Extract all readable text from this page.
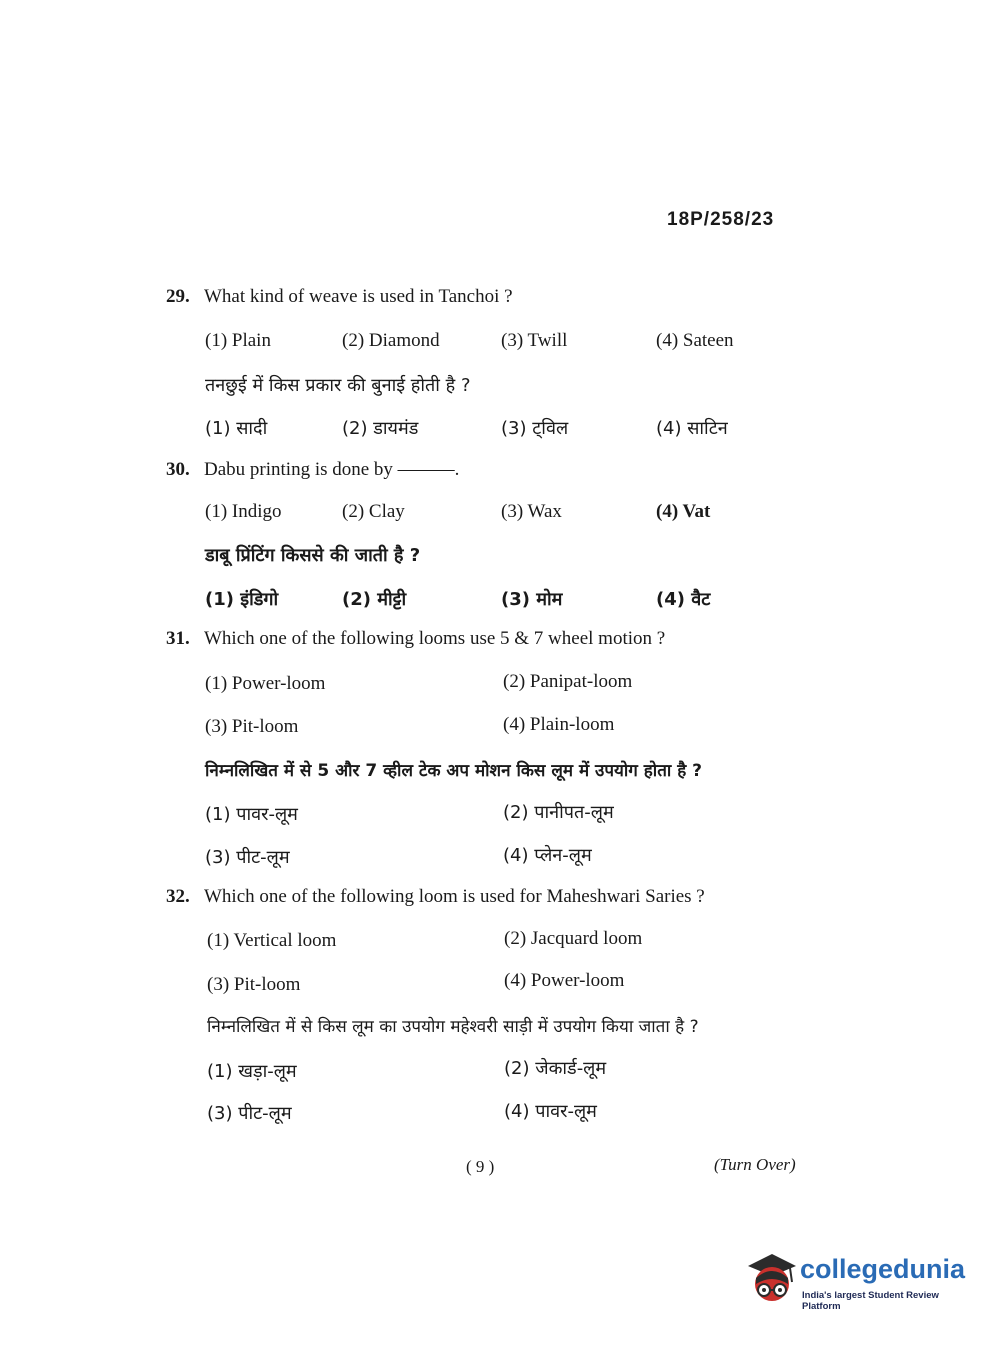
18P/258/23
29. What kind of weave is used in Tanchoi ?
(1) Plain	(2) Diamond	(3) Twill	(4) Sateen
तनछुई में किस प्रकार की बुनाई होती है ?
(1) सादी	(2) डायमंड	(3) ट्विल	(4) साटिन
30. Dabu printing is done by ———.
(1) Indigo	(2) Clay	(3) Wax	(4) Vat
डाबू प्रिंटिंग किससे की जाती है ?
(1) इंडिगो	(2) मीट्टी	(3) मोम	(4) वैट
31. Which one of the following looms use 5 & 7 wheel motion ?
(1) Power-loom	(2) Panipat-loom
(3) Pit-loom	(4) Plain-loom
निम्नलिखित में से 5 और 7 व्हील टेक अप मोशन किस लूम में उपयोग होता है ?
(1) पावर-लूम	(2) पानीपत-लूम
(3) पीट-लूम	(4) प्लेन-लूम
32. Which one of the following loom is used for Maheshwari Saries ?
(1) Vertical loom	(2) Jacquard loom
(3) Pit-loom	(4) Power-loom
निम्नलिखित में से किस लूम का उपयोग महेश्वरी साड़ी में उपयोग किया जाता है ?
(1) खड़ा-लूम	(2) जेकार्ड-लूम
(3) पीट-लूम	(4) पावर-लूम
( 9 )	(Turn Over)
collegedunia
India's largest Student Review Platform
